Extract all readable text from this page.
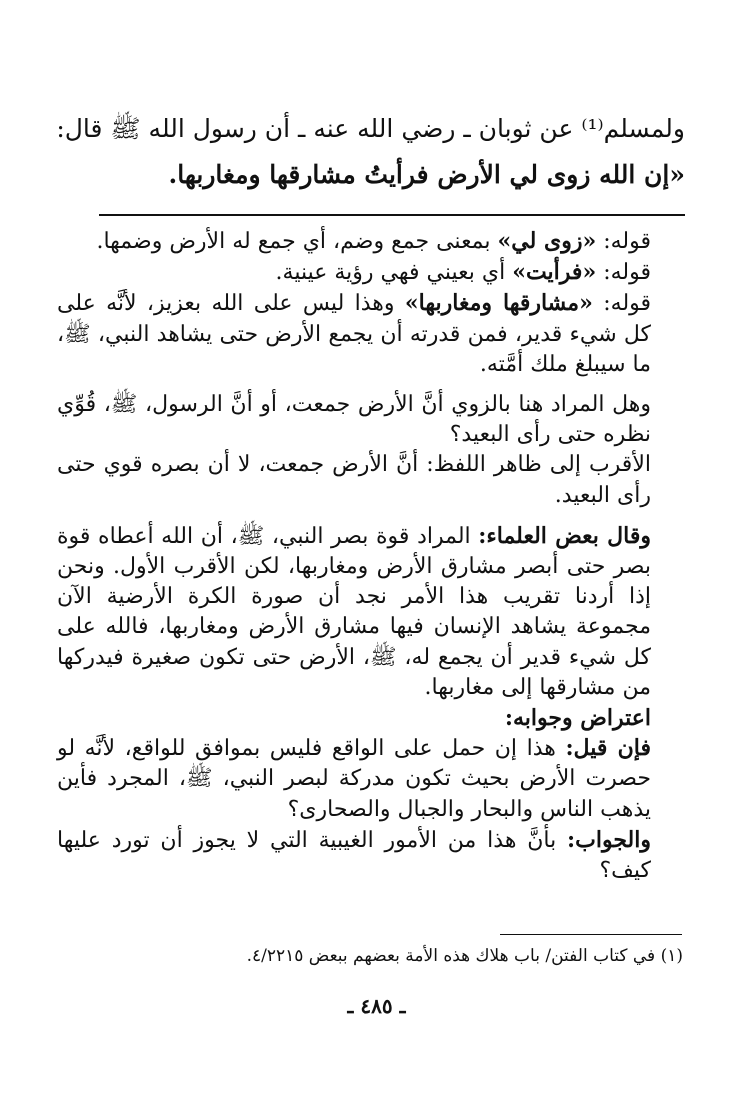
ولمسلم⁽¹⁾ عن ثوبان ـ رضي الله عنه ـ أن رسول الله ﷺ قال:
«إن الله زوى لي الأرض فرأيتُ مشارقها ومغاربها.

قوله: «زوى لي» بمعنى جمع وضم، أي جمع له الأرض وضمها.

قوله: «فرأيت» أي بعيني فهي رؤية عينية.

قوله: «مشارقها ومغاربها» وهذا ليس على الله بعزيز، لأنَّه على كل شيء قدير، فمن قدرته أن يجمع الأرض حتى يشاهد النبي، ﷺ، ما سيبلغ ملك أمَّته.

وهل المراد هنا بالزوي أنَّ الأرض جمعت، أو أنَّ الرسول، ﷺ، قُوِّي نظره حتى رأى البعيد؟

الأقرب إلى ظاهر اللفظ: أنَّ الأرض جمعت، لا أن بصره قوي حتى رأى البعيد.

وقال بعض العلماء: المراد قوة بصر النبي، ﷺ، أن الله أعطاه قوة بصر حتى أبصر مشارق الأرض ومغاربها، لكن الأقرب الأول. ونحن إذا أردنا تقريب هذا الأمر نجد أن صورة الكرة الأرضية الآن مجموعة يشاهد الإنسان فيها مشارق الأرض ومغاربها، فالله على كل شيء قدير أن يجمع له، ﷺ، الأرض حتى تكون صغيرة فيدركها من مشارقها إلى مغاربها.

اعتراض وجوابه:

فإن قيل: هذا إن حمل على الواقع فليس بموافق للواقع، لأنَّه لو حصرت الأرض بحيث تكون مدركة لبصر النبي، ﷺ، المجرد فأين يذهب الناس والبحار والجبال والصحارى؟

والجواب: بأنَّ هذا من الأمور الغيبية التي لا يجوز أن تورد عليها كيف؟

(١) في كتاب الفتن/ باب هلاك هذه الأمة بعضهم ببعض ٤/٢٢١٥.
ـ ٤٨٥ ـ
